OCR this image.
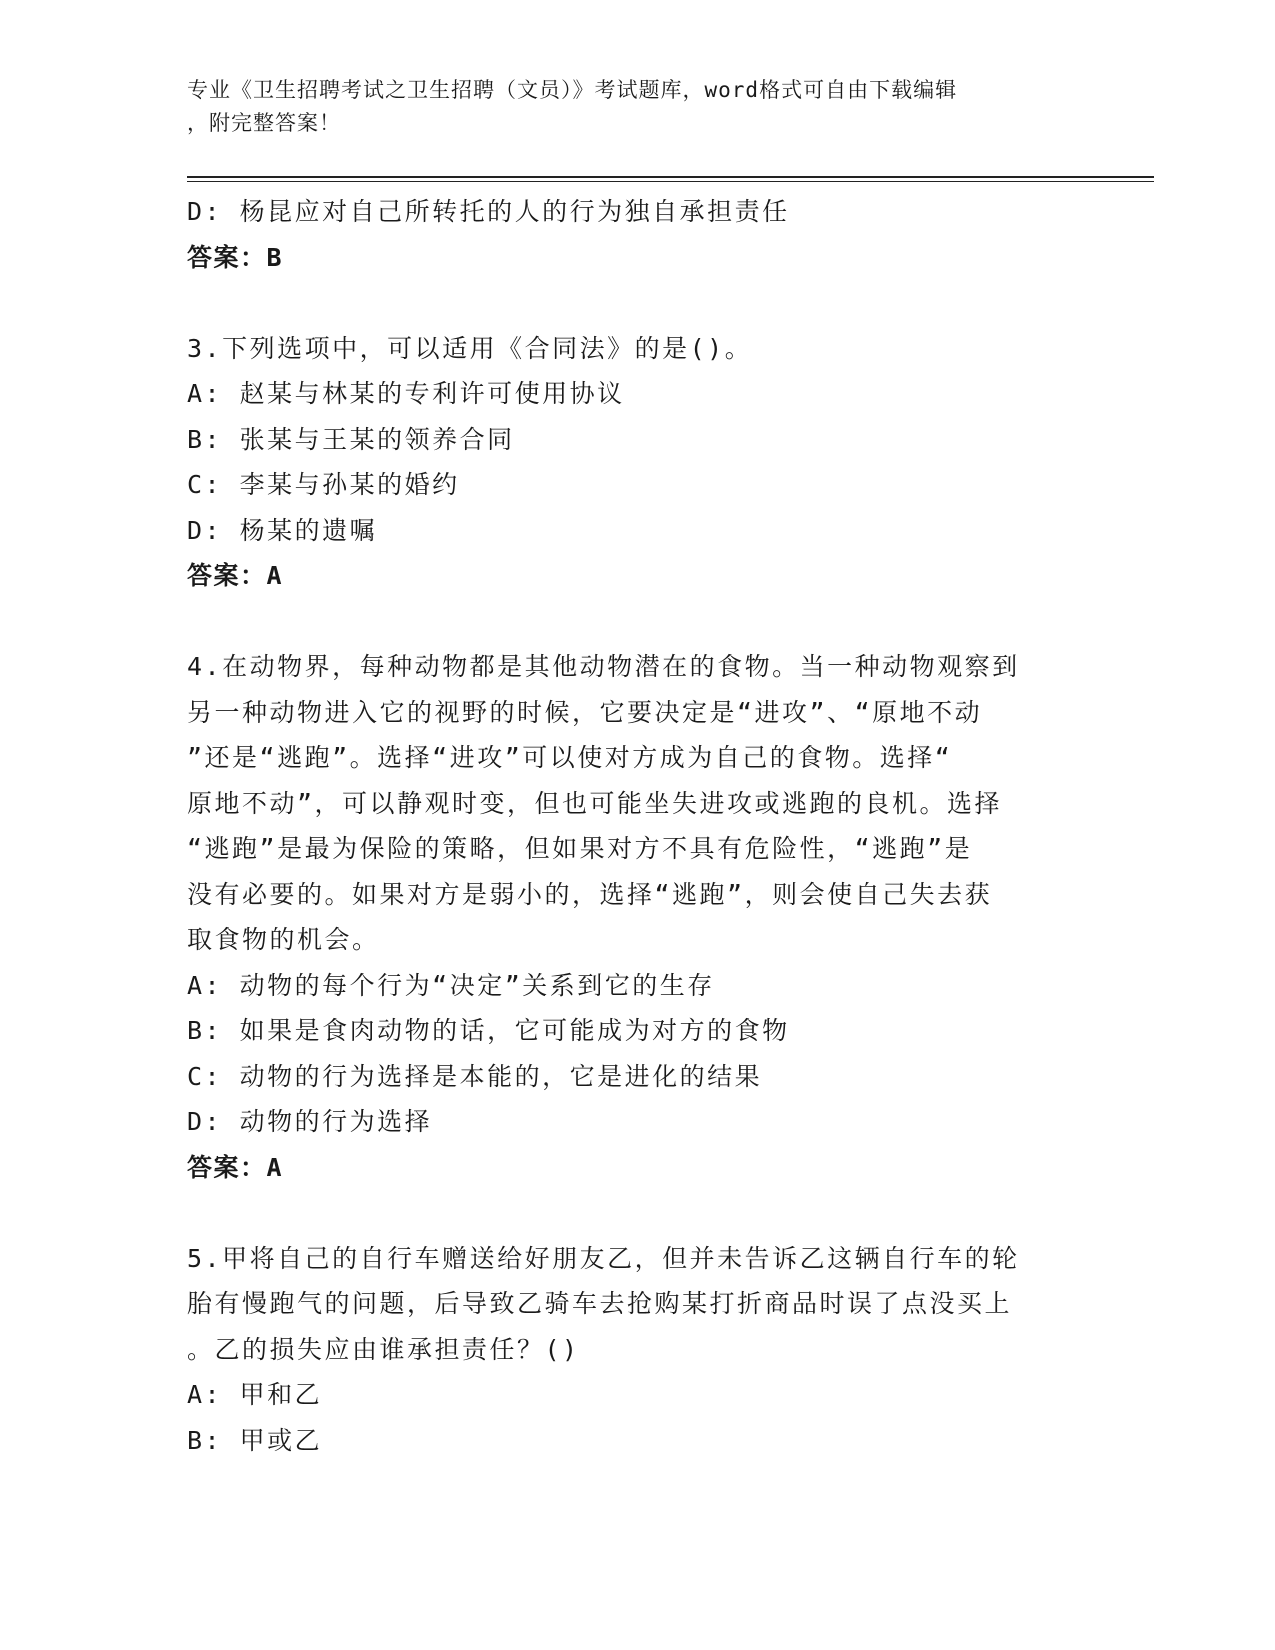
专业《卫生招聘考试之卫生招聘（文员）》考试题库，word格式可自由下载编辑
，附完整答案！
D: 杨昆应对自己所转托的人的行为独自承担责任
答案：B
3.下列选项中，可以适用《合同法》的是()。
A: 赵某与林某的专利许可使用协议
B: 张某与王某的领养合同
C: 李某与孙某的婚约
D: 杨某的遗嘱
答案：A
4.在动物界，每种动物都是其他动物潜在的食物。当一种动物观察到
另一种动物进入它的视野的时候，它要决定是“进攻”、“原地不动
”还是“逃跑”。选择“进攻”可以使对方成为自己的食物。选择“
原地不动”，可以静观时变，但也可能坐失进攻或逃跑的良机。选择
“逃跑”是最为保险的策略，但如果对方不具有危险性，“逃跑”是
没有必要的。如果对方是弱小的，选择“逃跑”，则会使自己失去获
取食物的机会。
A: 动物的每个行为“决定”关系到它的生存
B: 如果是食肉动物的话，它可能成为对方的食物
C: 动物的行为选择是本能的，它是进化的结果
D: 动物的行为选择
答案：A
5.甲将自己的自行车赠送给好朋友乙，但并未告诉乙这辆自行车的轮
胎有慢跑气的问题，后导致乙骑车去抢购某打折商品时误了点没买上
。乙的损失应由谁承担责任？()
A: 甲和乙
B: 甲或乙
